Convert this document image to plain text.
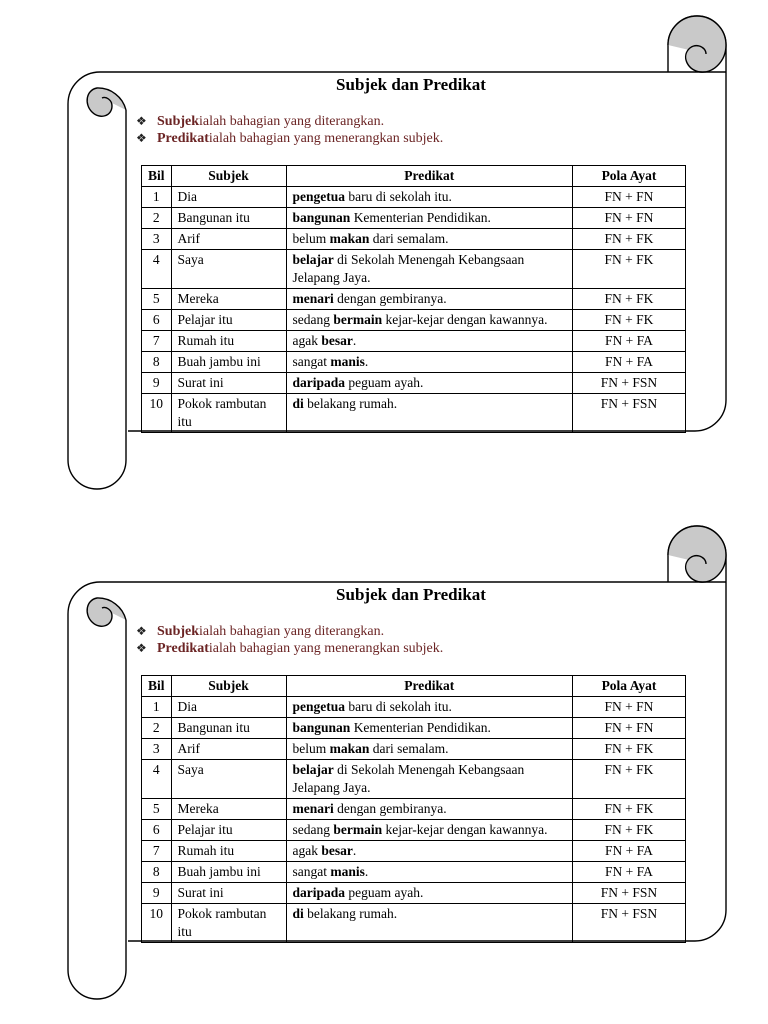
Subjek dan Predikat
❖ Subjek ialah bahagian yang diterangkan.
❖ Predikat ialah bahagian yang menerangkan subjek.
Bil	Subjek	Predikat	Pola Ayat
1	Dia	pengetua baru di sekolah itu.	FN + FN
2	Bangunan itu	bangunan Kementerian Pendidikan.	FN + FN
3	Arif	belum makan dari semalam.	FN + FK
4	Saya	belajar di Sekolah Menengah Kebangsaan Jelapang Jaya.	FN + FK
5	Mereka	menari dengan gembiranya.	FN + FK
6	Pelajar itu	sedang bermain kejar-kejar dengan kawannya.	FN + FK
7	Rumah itu	agak besar.	FN + FA
8	Buah jambu ini	sangat manis.	FN + FA
9	Surat ini	daripada peguam ayah.	FN + FSN
10	Pokok rambutan itu	di belakang rumah.	FN + FSN
Subjek dan Predikat
❖ Subjek ialah bahagian yang diterangkan.
❖ Predikat ialah bahagian yang menerangkan subjek.
Bil	Subjek	Predikat	Pola Ayat
1	Dia	pengetua baru di sekolah itu.	FN + FN
2	Bangunan itu	bangunan Kementerian Pendidikan.	FN + FN
3	Arif	belum makan dari semalam.	FN + FK
4	Saya	belajar di Sekolah Menengah Kebangsaan Jelapang Jaya.	FN + FK
5	Mereka	menari dengan gembiranya.	FN + FK
6	Pelajar itu	sedang bermain kejar-kejar dengan kawannya.	FN + FK
7	Rumah itu	agak besar.	FN + FA
8	Buah jambu ini	sangat manis.	FN + FA
9	Surat ini	daripada peguam ayah.	FN + FSN
10	Pokok rambutan itu	di belakang rumah.	FN + FSN
